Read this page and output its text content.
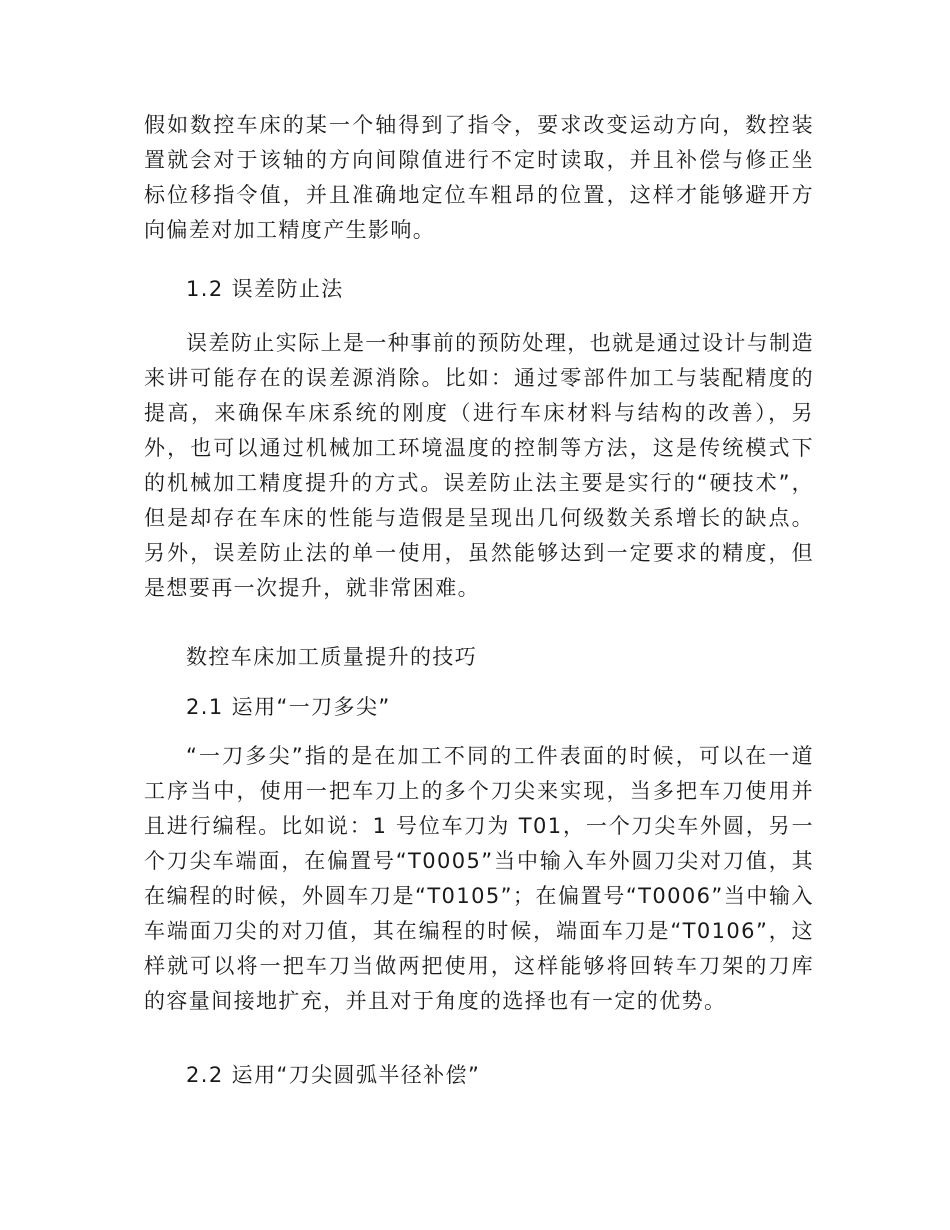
假如数控车床的某一个轴得到了指令，要求改变运动方向，数控装置就会对于该轴的方向间隙值进行不定时读取，并且补偿与修正坐标位移指令值，并且准确地定位车粗昂的位置，这样才能够避开方向偏差对加工精度产生影响。

1.2 误差防止法

误差防止实际上是一种事前的预防处理，也就是通过设计与制造来讲可能存在的误差源消除。比如：通过零部件加工与装配精度的提高，来确保车床系统的刚度（进行车床材料与结构的改善），另外，也可以通过机械加工环境温度的控制等方法，这是传统模式下的机械加工精度提升的方式。误差防止法主要是实行的“硬技术”，但是却存在车床的性能与造假是呈现出几何级数关系增长的缺点。另外，误差防止法的单一使用，虽然能够达到一定要求的精度，但是想要再一次提升，就非常困难。

数控车床加工质量提升的技巧

2.1 运用“一刀多尖”

“一刀多尖”指的是在加工不同的工件表面的时候，可以在一道工序当中，使用一把车刀上的多个刀尖来实现，当多把车刀使用并且进行编程。比如说：1 号位车刀为 T01，一个刀尖车外圆，另一个刀尖车端面，在偏置号“T0005”当中输入车外圆刀尖对刀值，其在编程的时候，外圆车刀是“T0105”；在偏置号“T0006”当中输入车端面刀尖的对刀值，其在编程的时候，端面车刀是“T0106”，这样就可以将一把车刀当做两把使用，这样能够将回转车刀架的刀库的容量间接地扩充，并且对于角度的选择也有一定的优势。

2.2 运用“刀尖圆弧半径补偿”
